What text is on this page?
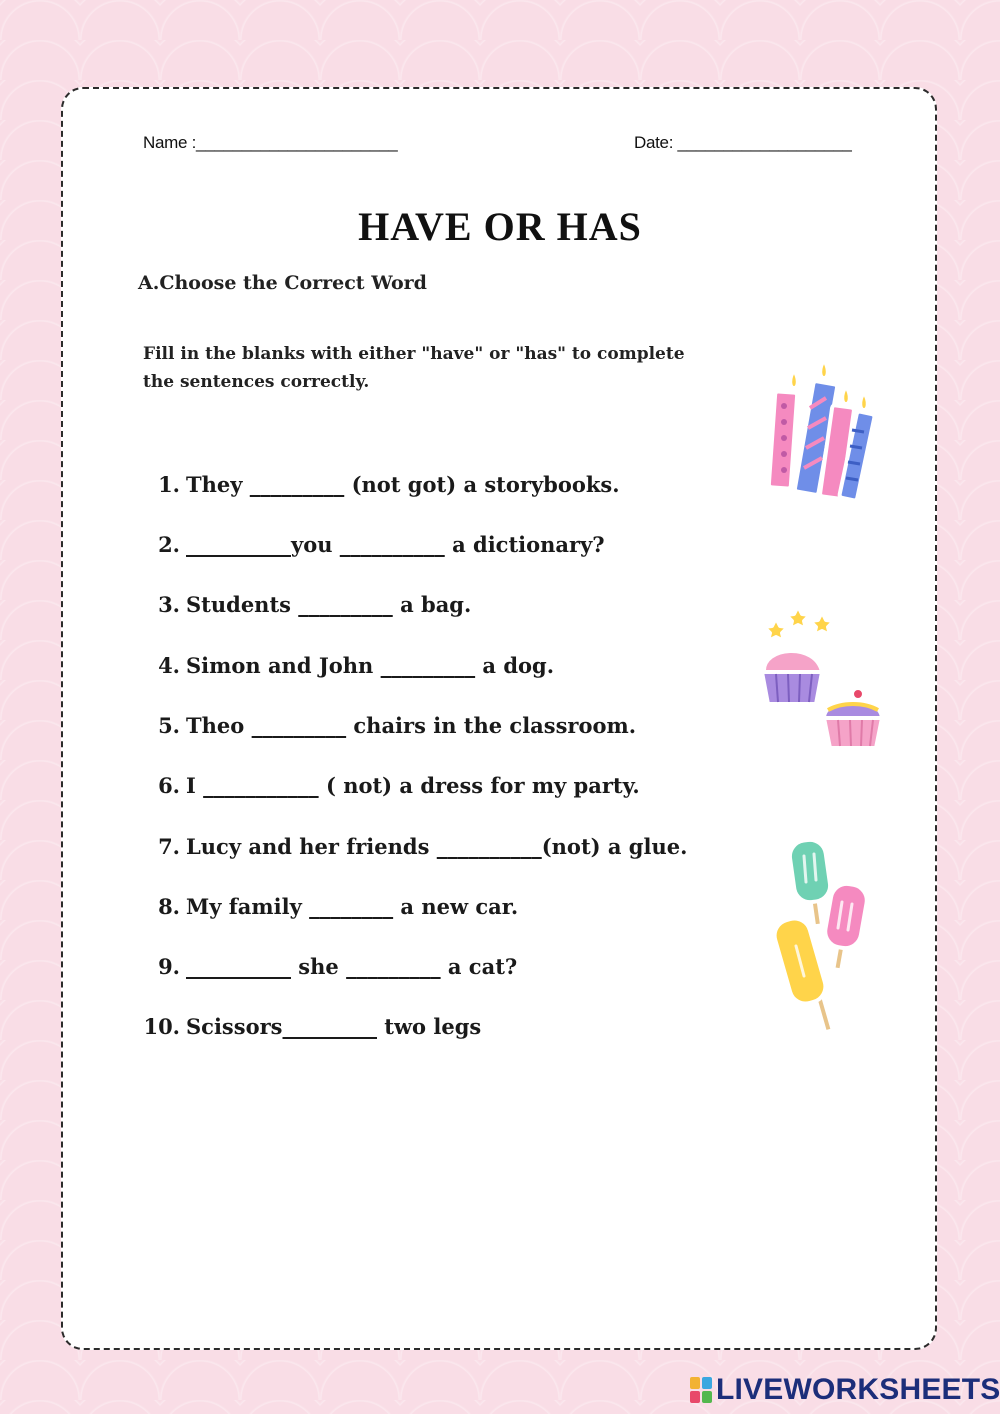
Name :______________________	Date: ___________________
HAVE OR HAS
A.Choose the Correct Word
Fill in the blanks with either "have" or "has" to complete the sentences correctly.
1. They _________ (not got) a storybooks.
2. __________you __________ a dictionary?
3. Students _________ a bag.
4. Simon and John _________ a dog.
5. Theo _________ chairs in the classroom.
6. I ___________ ( not) a dress for my party.
7. Lucy and her friends __________(not) a glue.
8. My family ________ a new car.
9. __________ she _________ a cat?
10. Scissors_________ two legs
LIVEWORKSHEETS
